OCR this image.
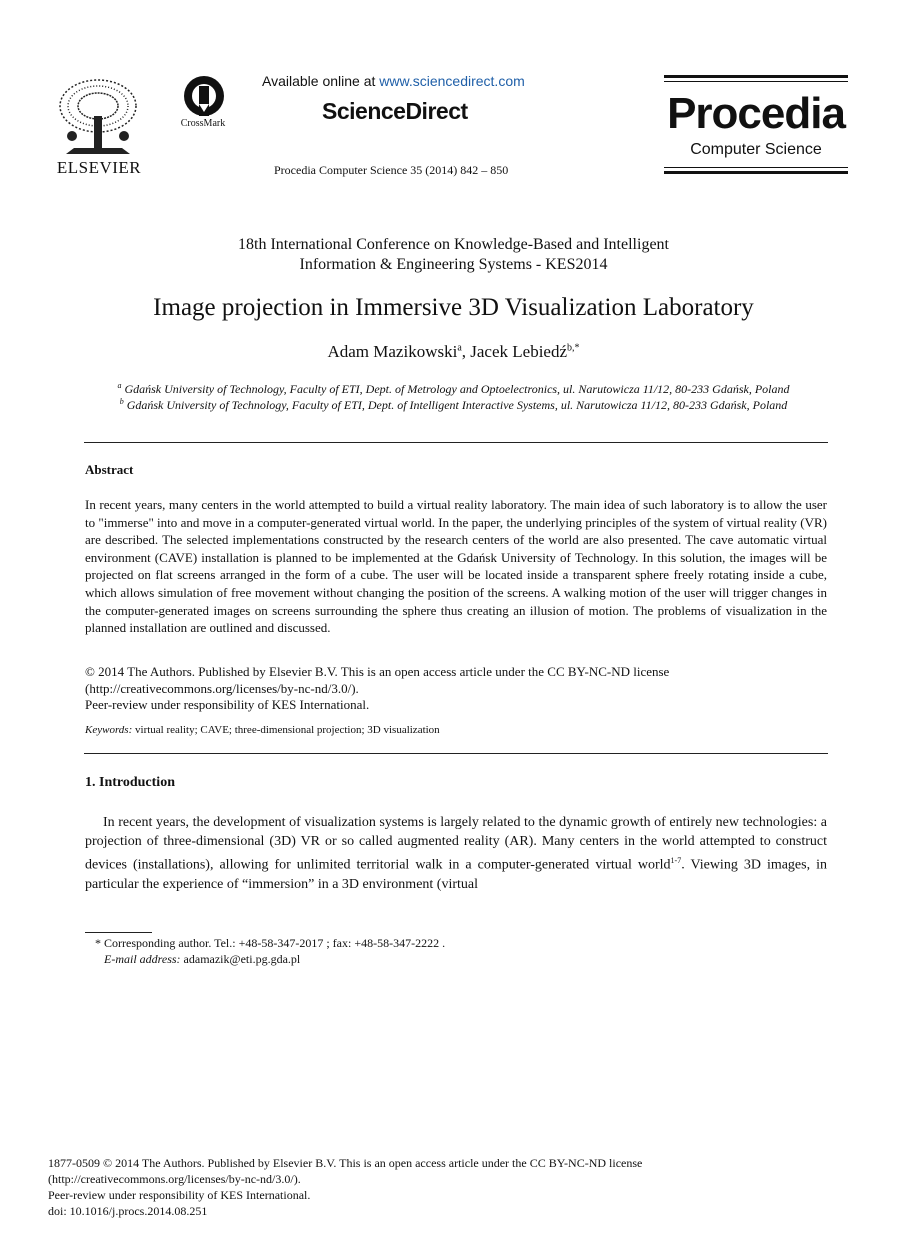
ELSEVIER
CrossMark
Available online at www.sciencedirect.com
ScienceDirect
Procedia Computer Science 35 (2014) 842 – 850
Procedia
Computer Science
18th International Conference on Knowledge-Based and Intelligent
Information & Engineering Systems - KES2014
Image projection in Immersive 3D Visualization Laboratory
Adam Mazikowski$^a$, Jacek Lebiedź$^{b,*}$
$^a$ Gdańsk University of Technology, Faculty of ETI, Dept. of Metrology and Optoelectronics, ul. Narutowicza 11/12, 80-233 Gdańsk, Poland
$^b$ Gdańsk University of Technology, Faculty of ETI, Dept. of Intelligent Interactive Systems, ul. Narutowicza 11/12, 80-233 Gdańsk, Poland
Abstract
In recent years, many centers in the world attempted to build a virtual reality laboratory. The main idea of such laboratory is to allow the user to "immerse" into and move in a computer-generated virtual world. In the paper, the underlying principles of the system of virtual reality (VR) are described. The selected implementations constructed by the research centers of the world are also presented. The cave automatic virtual environment (CAVE) installation is planned to be implemented at the Gdańsk University of Technology. In this solution, the images will be projected on flat screens arranged in the form of a cube. The user will be located inside a transparent sphere freely rotating inside a cube, which allows simulation of free movement without changing the position of the screens. A walking motion of the user will trigger changes in the computer-generated images on screens surrounding the sphere thus creating an illusion of motion. The problems of visualization in the planned installation are outlined and discussed.
© 2014 The Authors. Published by Elsevier B.V. This is an open access article under the CC BY-NC-ND license
(http://creativecommons.org/licenses/by-nc-nd/3.0/).
Peer-review under responsibility of KES International.
Keywords: virtual reality; CAVE; three-dimensional projection; 3D visualization
1. Introduction
In recent years, the development of visualization systems is largely related to the dynamic growth of entirely new technologies: a projection of three-dimensional (3D) VR or so called augmented reality (AR). Many centers in the world attempted to construct devices (installations), allowing for unlimited territorial walk in a computer-generated virtual world$^{1-7}$. Viewing 3D images, in particular the experience of “immersion” in a 3D environment (virtual
* Corresponding author. Tel.: +48-58-347-2017 ; fax: +48-58-347-2222 .
E-mail address: adamazik@eti.pg.gda.pl
1877-0509 © 2014 The Authors. Published by Elsevier B.V. This is an open access article under the CC BY-NC-ND license
(http://creativecommons.org/licenses/by-nc-nd/3.0/).
Peer-review under responsibility of KES International.
doi: 10.1016/j.procs.2014.08.251
